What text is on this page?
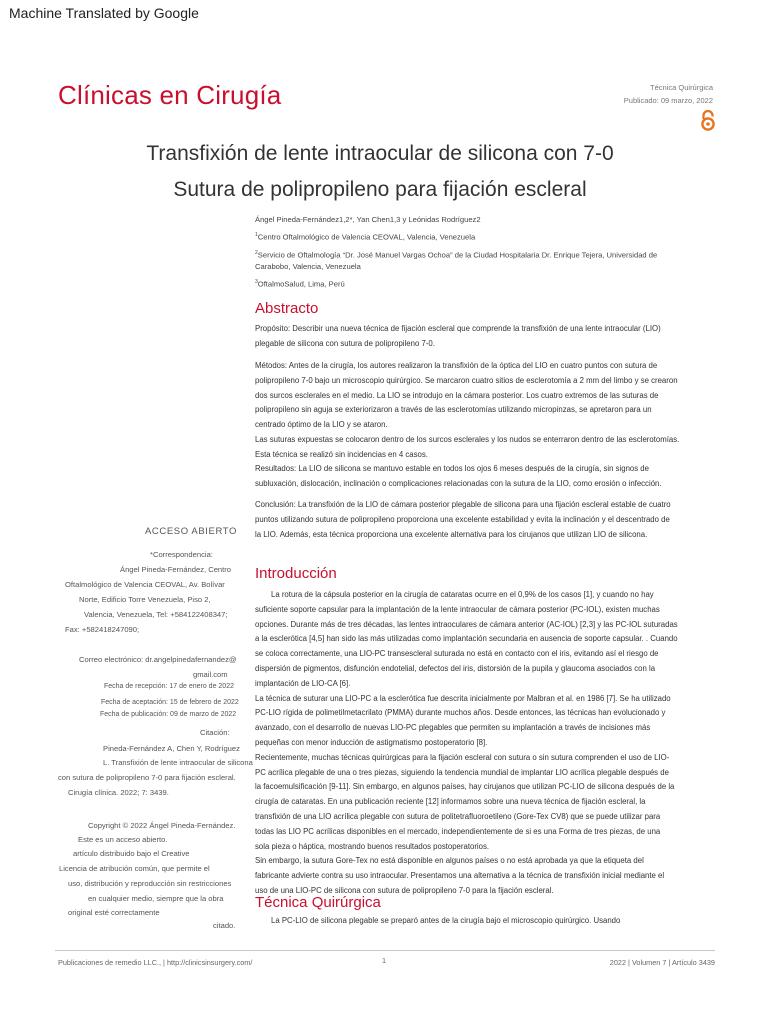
Machine Translated by Google
Clínicas en Cirugía	Técnica Quirúrgica
Publicado: 09 marzo, 2022
Transfixión de lente intraocular de silicona con 7-0
Sutura de polipropileno para fijación escleral
Ángel Pineda-Fernández1,2*, Yan Chen1,3 y Leónidas Rodríguez2
$^1$Centro Oftalmológico de Valencia CEOVAL, Valencia, Venezuela
$^2$Servicio de Oftalmología “Dr. José Manuel Vargas Ochoa” de la Ciudad Hospitalaria Dr. Enrique Tejera, Universidad de
Carabobo, Valencia, Venezuela
$^3$OftalmoSalud, Lima, Perú
Abstracto

Propósito: Describir una nueva técnica de fijación escleral que comprende la transfixión de una lente intraocular (LIO)

plegable de silicona con sutura de polipropileno 7-0.

Métodos: Antes de la cirugía, los autores realizaron la transfixión de la óptica del LIO en cuatro puntos con sutura de

polipropileno 7-0 bajo un microscopio quirúrgico. Se marcaron cuatro sitios de esclerotomía a 2 mm del limbo y se crearon

dos surcos esclerales en el medio. La LIO se introdujo en la cámara posterior. Los cuatro extremos de las suturas de

polipropileno sin aguja se exteriorizaron a través de las esclerotomías utilizando micropinzas, se apretaron para un

centrado óptimo de la LIO y se ataron.

Las suturas expuestas se colocaron dentro de los surcos esclerales y los nudos se enterraron dentro de las esclerotomías.

Esta técnica se realizó sin incidencias en 4 casos.

Resultados: La LIO de silicona se mantuvo estable en todos los ojos 6 meses después de la cirugía, sin signos de

subluxación, dislocación, inclinación o complicaciones relacionadas con la sutura de la LIO, como erosión o infección.

Conclusión: La transfixión de la LIO de cámara posterior plegable de silicona para una fijación escleral estable de cuatro

puntos utilizando sutura de polipropileno proporciona una excelente estabilidad y evita la inclinación y el descentrado de

la LIO. Además, esta técnica proporciona una excelente alternativa para los cirujanos que utilizan LIO de silicona.

ACCESO ABIERTO
*Correspondencia:
Ángel Pineda-Fernández, Centro
Oftalmológico de Valencia CEOVAL, Av. Bolívar
Norte, Edificio Torre Venezuela, Piso 2,
Valencia, Venezuela, Tel: +584122408347;
Fax: +582418247090;
Correo electrónico: dr.angelpinedafernandez@
gmail.com
Fecha de recepción: 17 de enero de 2022
Fecha de aceptación: 15 de febrero de 2022
Fecha de publicación: 09 de marzo de 2022
Citación:
Pineda-Fernández A, Chen Y, Rodríguez
L. Transfixión de lente intraocular de silicona
con sutura de polipropileno 7-0 para fijación escleral.
Cirugía clínica. 2022; 7: 3439.
Copyright © 2022 Ángel Pineda-Fernández.
Este es un acceso abierto.
artículo distribuido bajo el Creative
Licencia de atribución común, que permite el
uso, distribución y reproducción sin restricciones
en cualquier medio, siempre que la obra
original esté correctamente
citado.
Introducción

La rotura de la cápsula posterior en la cirugía de cataratas ocurre en el 0,9% de los casos [1], y cuando no hay

suficiente soporte capsular para la implantación de la lente intraocular de cámara posterior (PC-IOL), existen muchas

opciones. Durante más de tres décadas, las lentes intraoculares de cámara anterior (AC-IOL) [2,3] y las PC-IOL suturadas

a la esclerótica [4,5] han sido las más utilizadas como implantación secundaria en ausencia de soporte capsular. . Cuando

se coloca correctamente, una LIO-PC transescleral suturada no está en contacto con el iris, evitando así el riesgo de

dispersión de pigmentos, disfunción endotelial, defectos del iris, distorsión de la pupila y glaucoma asociados con la

implantación de LIO-CA [6].

La técnica de suturar una LIO-PC a la esclerótica fue descrita inicialmente por Malbran et al. en 1986 [7]. Se ha utilizado

PC-LIO rígida de polimetilmetacrilato (PMMA) durante muchos años. Desde entonces, las técnicas han evolucionado y

avanzado, con el desarrollo de nuevas LIO-PC plegables que permiten su implantación a través de incisiones más

pequeñas con menor inducción de astigmatismo postoperatorio [8].

Recientemente, muchas técnicas quirúrgicas para la fijación escleral con sutura o sin sutura comprenden el uso de LIO-

PC acrílica plegable de una o tres piezas, siguiendo la tendencia mundial de implantar LIO acrílica plegable después de

la facoemulsificación [9-11]. Sin embargo, en algunos países, hay cirujanos que utilizan PC-LIO de silicona después de la

cirugía de cataratas. En una publicación reciente [12] informamos sobre una nueva técnica de fijación escleral, la

transfixión de una LIO acrílica plegable con sutura de politetrafluoroetileno (Gore-Tex CV8) que se puede utilizar para

todas las LIO PC acrílicas disponibles en el mercado, independientemente de si es una Forma de tres piezas, de una

sola pieza o háptica, mostrando buenos resultados postoperatorios.

Sin embargo, la sutura Gore-Tex no está disponible en algunos países o no está aprobada ya que la etiqueta del

fabricante advierte contra su uso intraocular. Presentamos una alternativa a la técnica de transfixión inicial mediante el

uso de una LIO-PC de silicona con sutura de polipropileno 7-0 para la fijación escleral.

Técnica Quirúrgica

La PC-LIO de silicona plegable se preparó antes de la cirugía bajo el microscopio quirúrgico. Usando

Publicaciones de remedio LLC., | http://clinicsinsurgery.com/	1	2022 | Volumen 7 | Artículo 3439
